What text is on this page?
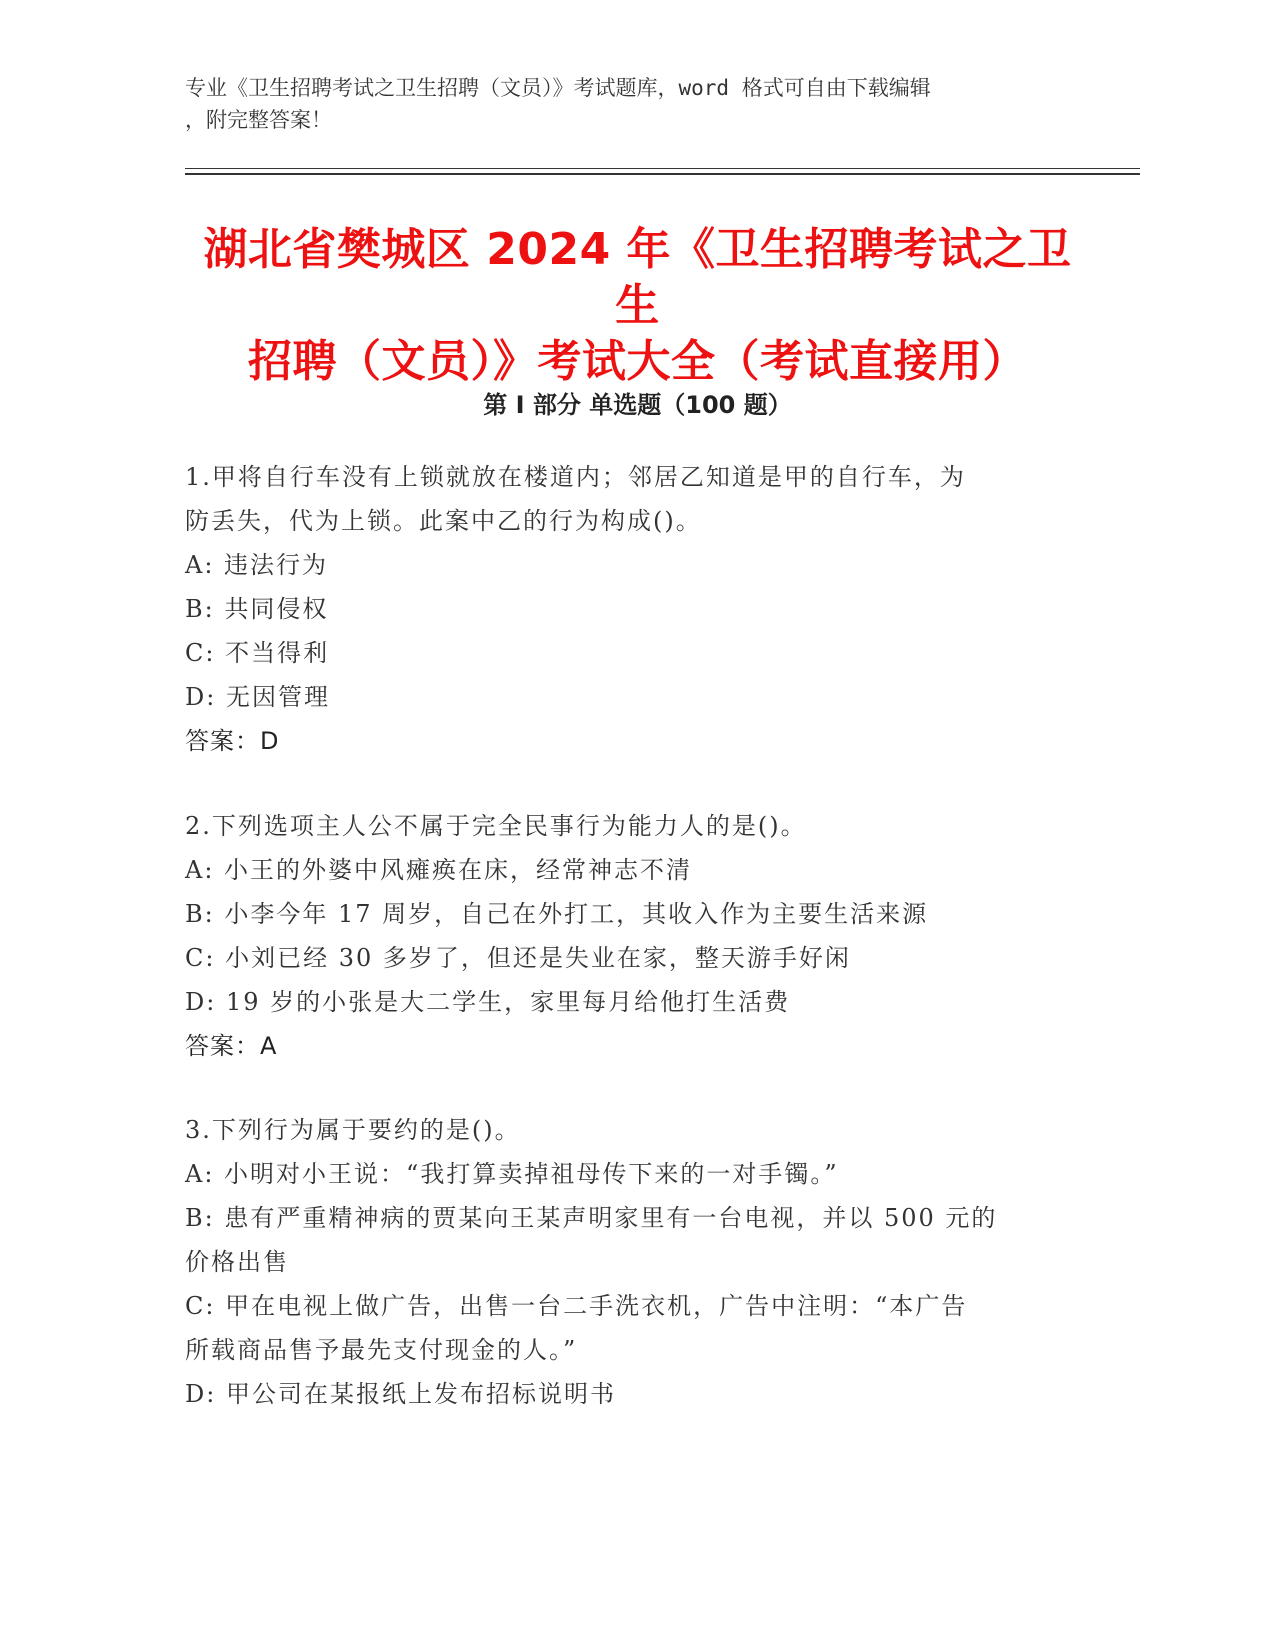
专业《卫生招聘考试之卫生招聘（文员）》考试题库，word 格式可自由下载编辑
，附完整答案！
湖北省樊城区 2024 年《卫生招聘考试之卫生
招聘（文员）》考试大全（考试直接用）
第 I 部分 单选题（100 题）
1.甲将自行车没有上锁就放在楼道内；邻居乙知道是甲的自行车，为
防丢失，代为上锁。此案中乙的行为构成()。
A: 违法行为
B: 共同侵权
C: 不当得利
D: 无因管理
答案：D
2.下列选项主人公不属于完全民事行为能力人的是()。
A: 小王的外婆中风瘫痪在床，经常神志不清
B: 小李今年 17 周岁，自己在外打工，其收入作为主要生活来源
C: 小刘已经 30 多岁了，但还是失业在家，整天游手好闲
D: 19 岁的小张是大二学生，家里每月给他打生活费
答案：A
3.下列行为属于要约的是()。
A: 小明对小王说：“我打算卖掉祖母传下来的一对手镯。”
B: 患有严重精神病的贾某向王某声明家里有一台电视，并以 500 元的
价格出售
C: 甲在电视上做广告，出售一台二手洗衣机，广告中注明：“本广告
所载商品售予最先支付现金的人。”
D: 甲公司在某报纸上发布招标说明书
